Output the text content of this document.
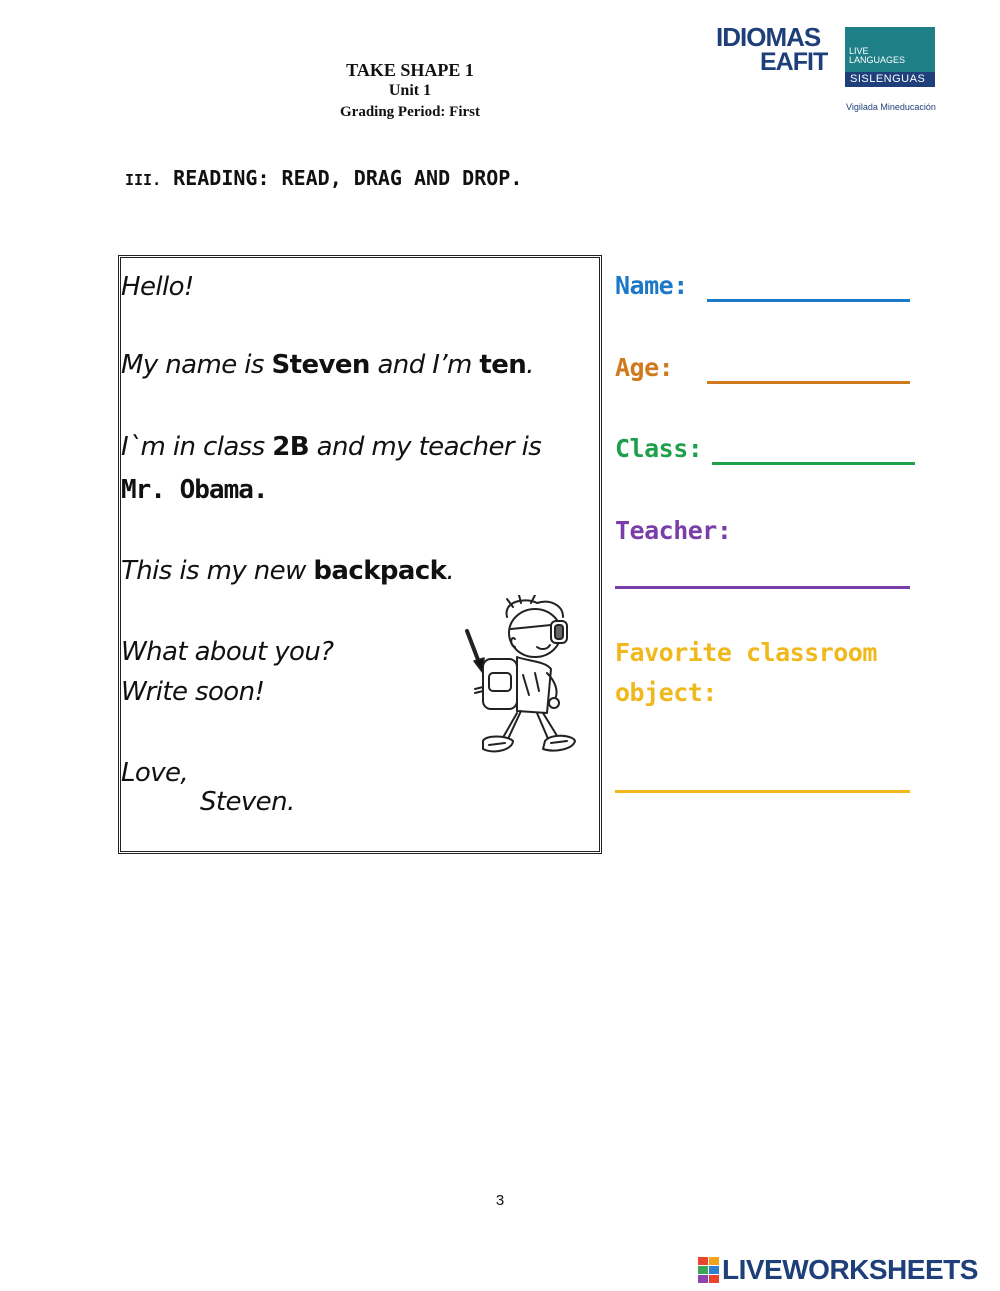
TAKE SHAPE 1
Unit 1
Grading Period: First
IDIOMAS
EAFIT LIVE
LANGUAGES
SISLENGUAS
Vigilada Mineducación
III. READING: READ, DRAG AND DROP.
Hello!
My name is Steven and I’m ten.
I`m in class 2B and my teacher is
Mr. Obama.
This is my new backpack.
What about you?
Write soon!
Love,
Steven.
Name:
Age:
Class:
Teacher:
Favorite classroom
object:
3
LIVEWORKSHEETS
